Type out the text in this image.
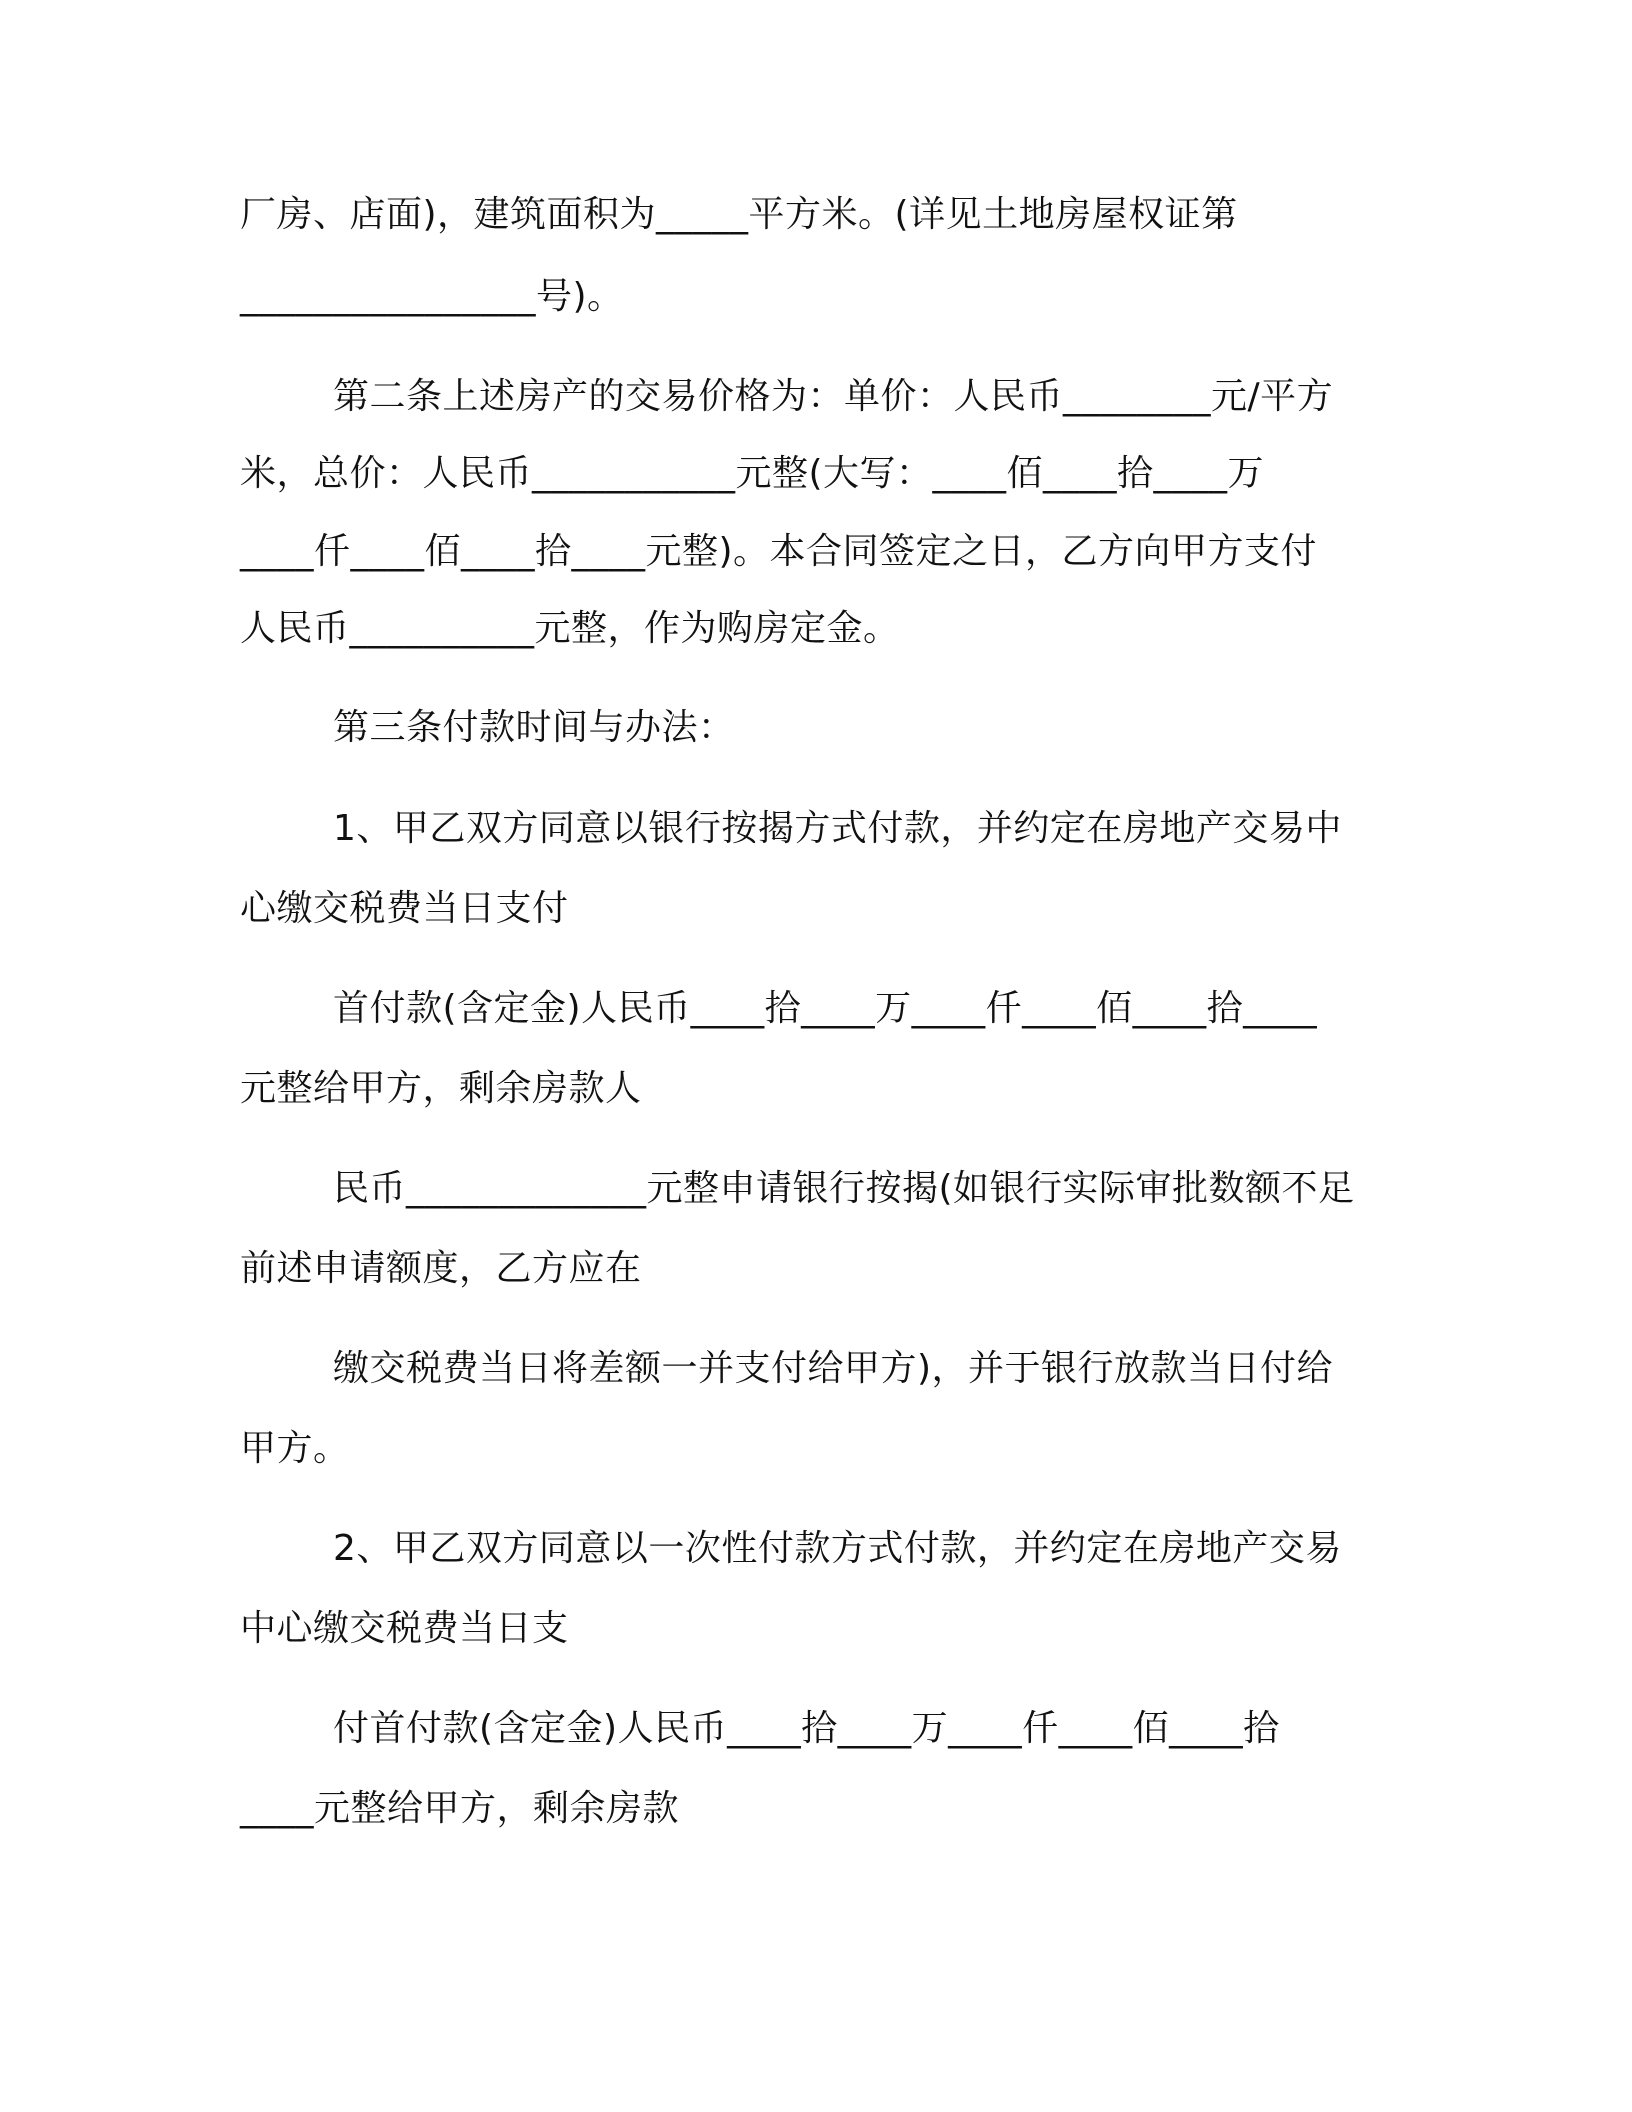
厂房、店面)，建筑面积为_____平方米。(详见土地房屋权证第
________________号)。
第二条上述房产的交易价格为：单价：人民币________元/平方
米，总价：人民币___________元整(大写：____佰____拾____万
____仟____佰____拾____元整)。本合同签定之日，乙方向甲方支付
人民币__________元整，作为购房定金。
第三条付款时间与办法：
1、甲乙双方同意以银行按揭方式付款，并约定在房地产交易中
心缴交税费当日支付
首付款(含定金)人民币____拾____万____仟____佰____拾____
元整给甲方，剩余房款人
民币_____________元整申请银行按揭(如银行实际审批数额不足
前述申请额度，乙方应在
缴交税费当日将差额一并支付给甲方)，并于银行放款当日付给
甲方。
2、甲乙双方同意以一次性付款方式付款，并约定在房地产交易
中心缴交税费当日支
付首付款(含定金)人民币____拾____万____仟____佰____拾
____元整给甲方，剩余房款
